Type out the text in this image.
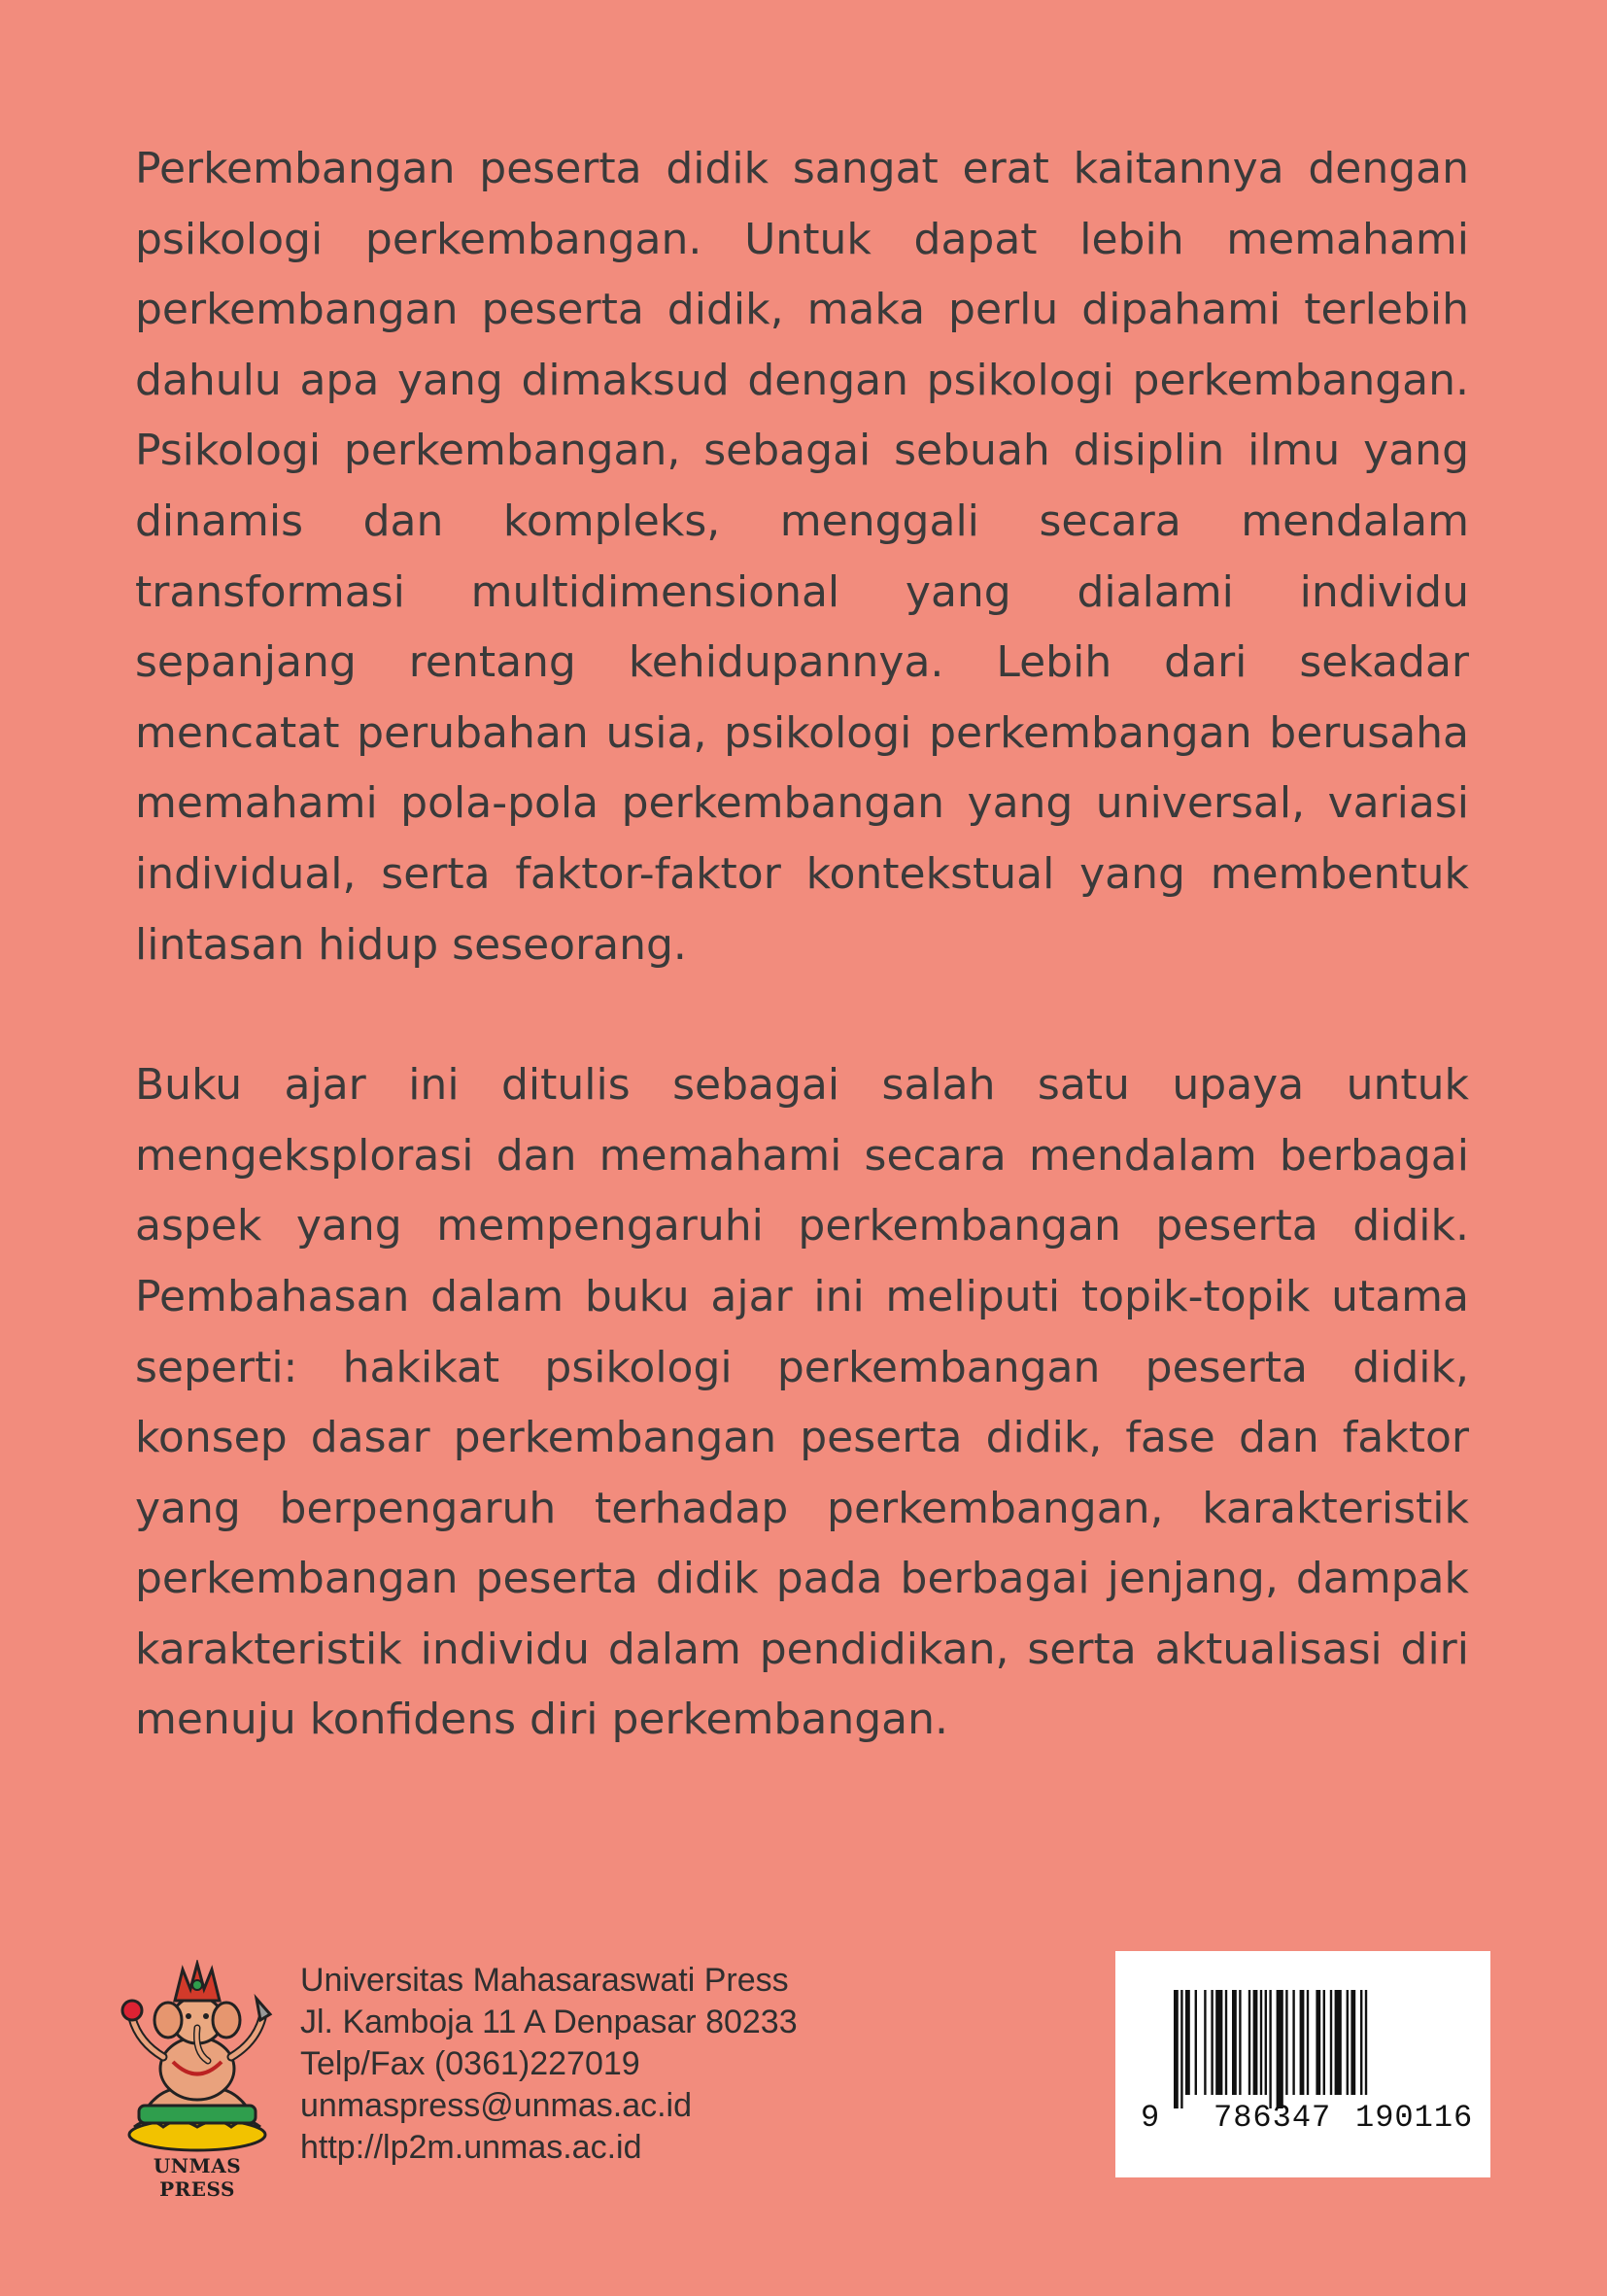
Perkembangan peserta didik sangat erat kaitannya dengan psikologi perkembangan. Untuk dapat lebih memahami perkembangan peserta didik, maka perlu dipahami terlebih dahulu apa yang dimaksud dengan psikologi perkembangan. Psikologi perkembangan, sebagai sebuah disiplin ilmu yang dinamis dan kompleks, menggali secara mendalam transformasi multidimensional yang dialami individu sepanjang rentang kehidupannya. Lebih dari sekadar mencatat perubahan usia, psikologi perkembangan berusaha memahami pola-pola perkembangan yang universal, variasi individual, serta faktor-faktor kontekstual yang membentuk lintasan hidup seseorang.

Buku ajar ini ditulis sebagai salah satu upaya untuk mengeksplorasi dan memahami secara mendalam berbagai aspek yang mempengaruhi perkembangan peserta didik. Pembahasan dalam buku ajar ini meliputi topik-topik utama seperti: hakikat psikologi perkembangan peserta didik, konsep dasar perkembangan peserta didik, fase dan faktor yang berpengaruh terhadap perkembangan, karakteristik perkembangan peserta didik pada berbagai jenjang, dampak karakteristik individu dalam pendidikan, serta aktualisasi diri menuju konfidens diri perkembangan.

UNMAS PRESS
Universitas Mahasaraswati Press
Jl. Kamboja 11 A Denpasar 80233
Telp/Fax (0361)227019
unmaspress@unmas.ac.id
http://lp2m.unmas.ac.id
9 786347 190116
